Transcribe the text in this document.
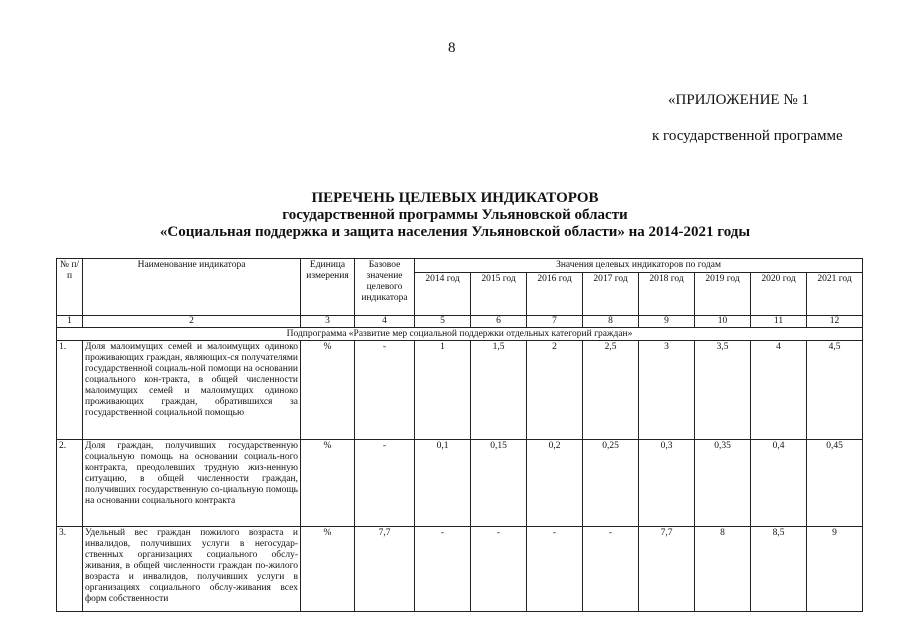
8
«ПРИЛОЖЕНИЕ № 1
к государственной программе
ПЕРЕЧЕНЬ ЦЕЛЕВЫХ ИНДИКАТОРОВ
государственной программы Ульяновской области
«Социальная поддержка и защита населения Ульяновской области» на 2014-2021 годы
№ п/п	Наименование индикатора	Единица измерения	Базовое значение целевого индикатора	Значения целевых индикаторов по годам							
				2014 год	2015 год	2016 год	2017 год	2018 год	2019 год	2020 год	2021 год
1	2	3	4	5	6	7	8	9	10	11	12
Подпрограмма «Развитие мер социальной поддержки отдельных категорий граждан»											
1.	Доля малоимущих семей и малоимущих одиноко проживающих граждан, являющих-ся получателями государственной социаль-ной помощи на основании социального кон-тракта, в общей численности малоимущих семей и малоимущих одиноко проживающих граждан, обратившихся за государственной социальной помощью	%	-	1	1,5	2	2,5	3	3,5	4	4,5
2.	Доля граждан, получивших государственную социальную помощь на основании социаль-ного контракта, преодолевших трудную жиз-ненную ситуацию, в общей численности граждан, получивших государственную со-циальную помощь на основании социального контракта	%	-	0,1	0,15	0,2	0,25	0,3	0,35	0,4	0,45
3.	Удельный вес граждан пожилого возраста и инвалидов, получивших услуги в негосудар-ственных организациях социального обслу-живания, в общей численности граждан по-жилого возраста и инвалидов, получивших услуги в организациях социального обслу-живания всех форм собственности	%	7,7	-	-	-	-	7,7	8	8,5	9
